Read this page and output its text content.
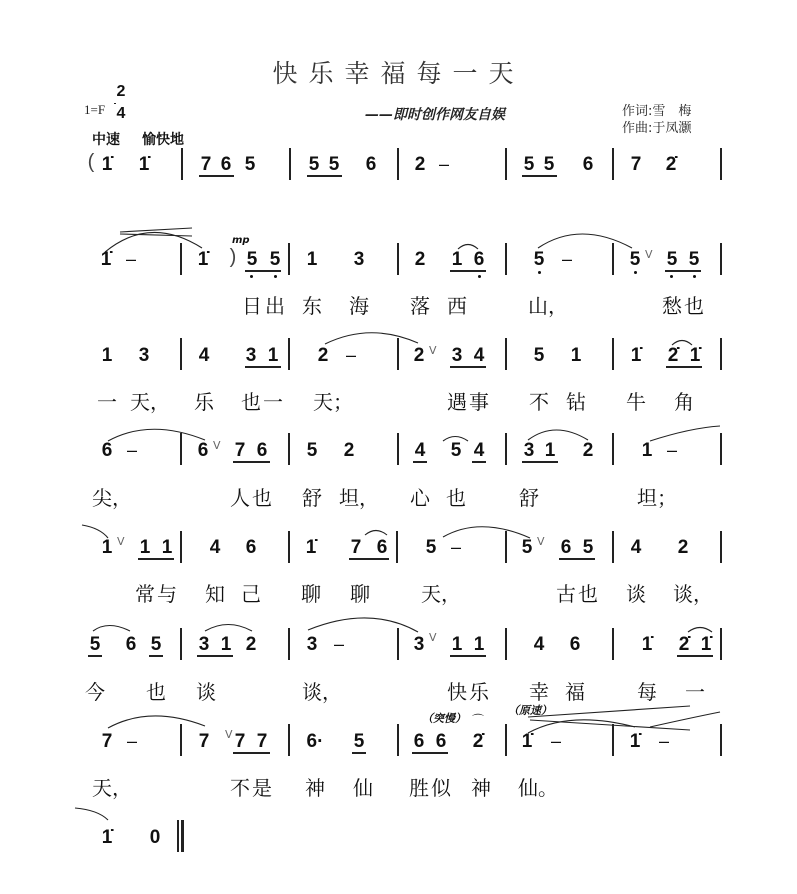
快乐幸福每一天
1=F
2
4
中速 愉快地
——即时创作网友自娱	作词:雪　梅
作曲:于凤灏
( 1̇ 1̇	7 6 5	5 5 6 2 –	5 5 6 7 2̇
1̇ –	1̇ )
mp
5 5 1 3	2 1 6	5 –	5 V 5 5
日 出 东 海 落 西	山，	愁 也
1 3	4 3 1 2 –	2 V 3 4	5 1	1̇ 2̇ 1̇
一 天， 乐 也 一 天；	遇 事 不 钻 牛 角
6 –	6 V 7 6 5 2	4 5 4 3 1 2	1 –
尖，	人 也 舒 坦， 心 也	舒	坦；
1 V 1 1 4 6	1̇ 7 6 5 –	5 V 6 5 4 2
常 与 知 己 聊 聊	天，	古 也 谈 谈，
5 6 5 3 1 2	3 –	3 V 1 1	4 6	1̇ 2̇ 1̇
今 也 谈	谈，	快 乐 幸 福	每 一
7 –	7 V 7 7 6· 5
（突慢） ⌒
6 6 2̇
（原速）
1̇ –	1̇ –
天，	不 是 神 仙 胜 似 神 仙。
1̇ 0
